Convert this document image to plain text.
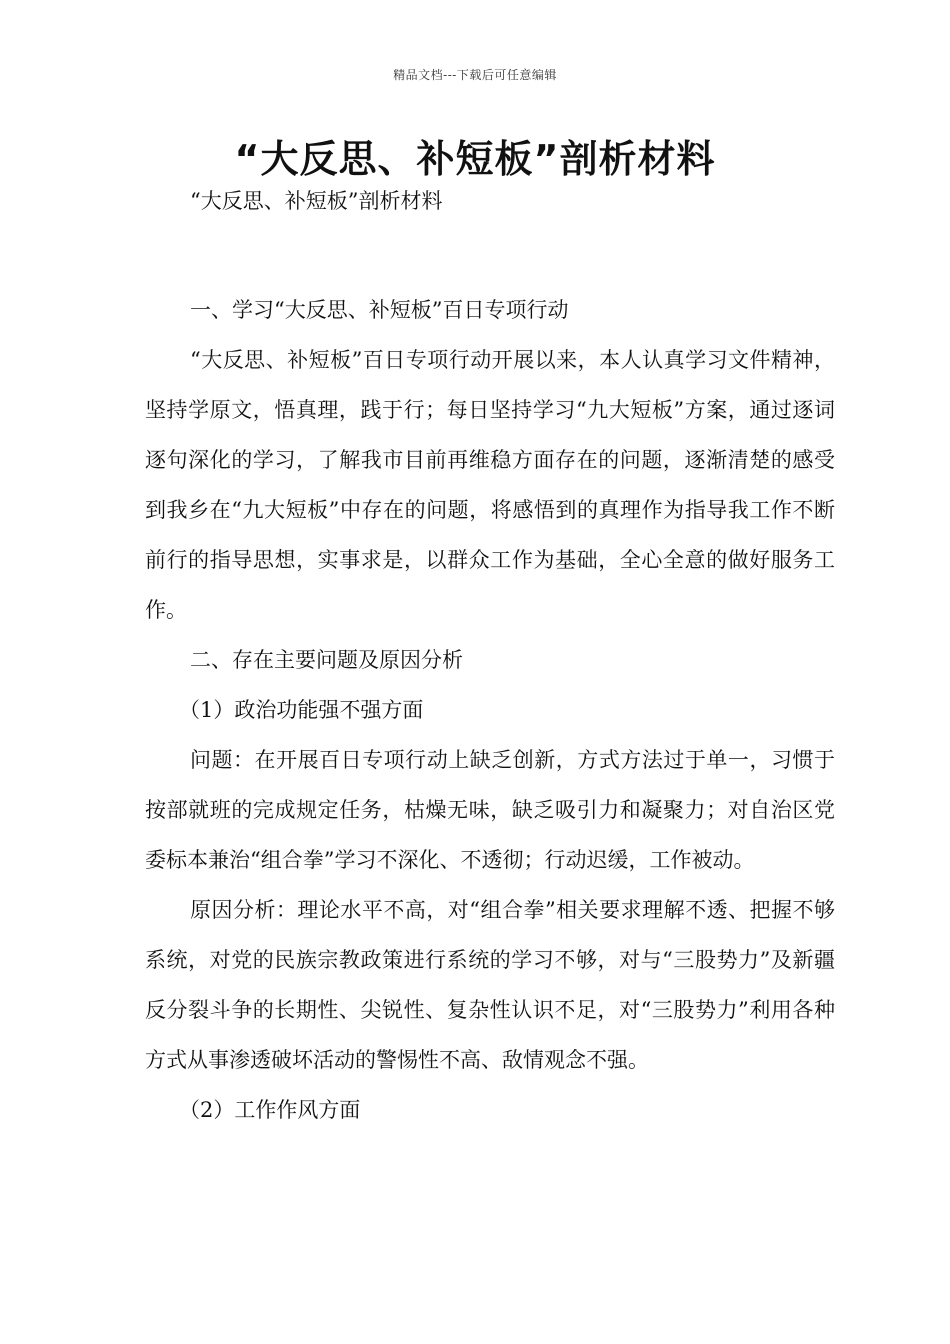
精品文档---下载后可任意编辑
“大反思、补短板”剖析材料
“大反思、补短板”剖析材料

一、学习“大反思、补短板”百日专项行动

“大反思、补短板”百日专项行动开展以来，本人认真学习文件精神，坚持学原文，悟真理，践于行；每日坚持学习“九大短板”方案，通过逐词逐句深化的学习，了解我市目前再维稳方面存在的问题，逐渐清楚的感受到我乡在“九大短板”中存在的问题，将感悟到的真理作为指导我工作不断前行的指导思想，实事求是，以群众工作为基础，全心全意的做好服务工作。

二、存在主要问题及原因分析

（1）政治功能强不强方面

问题：在开展百日专项行动上缺乏创新，方式方法过于单一，习惯于按部就班的完成规定任务，枯燥无味，缺乏吸引力和凝聚力；对自治区党委标本兼治“组合拳”学习不深化、不透彻；行动迟缓，工作被动。

原因分析：理论水平不高，对“组合拳”相关要求理解不透、把握不够系统，对党的民族宗教政策进行系统的学习不够，对与“三股势力”及新疆反分裂斗争的长期性、尖锐性、复杂性认识不足，对“三股势力”利用各种方式从事渗透破坏活动的警惕性不高、敌情观念不强。

（2）工作作风方面
